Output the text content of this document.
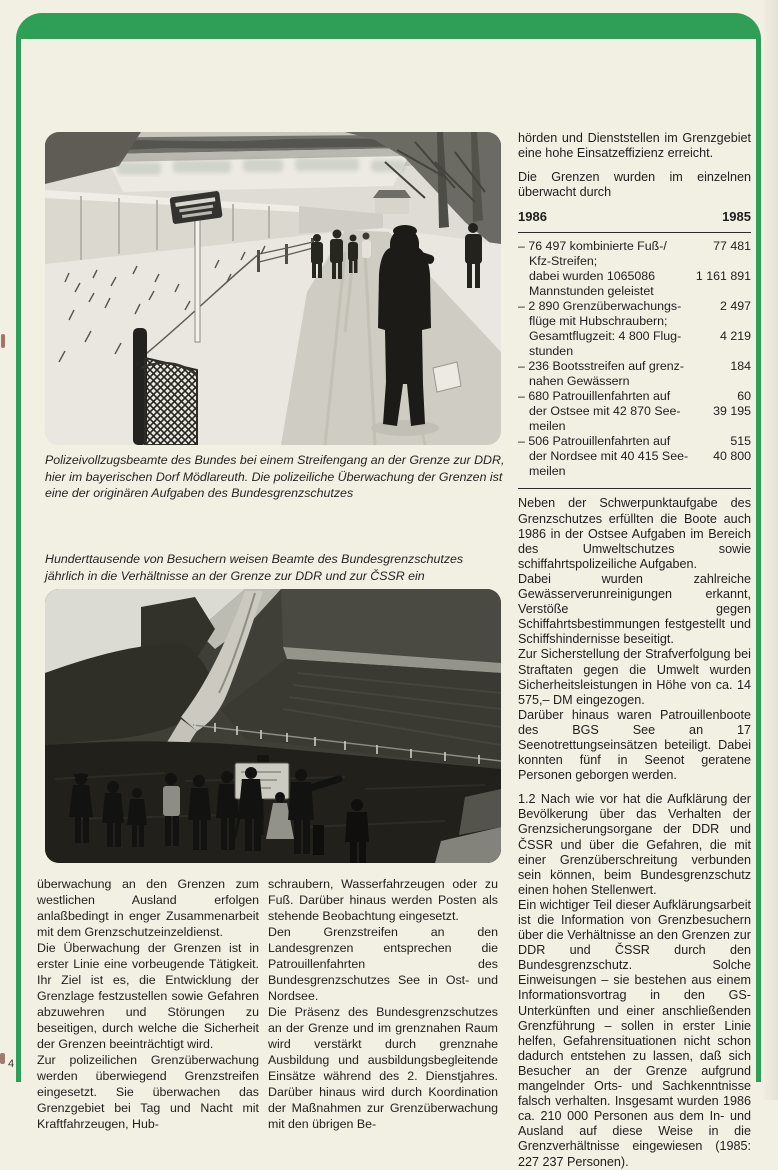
Polizeivollzugsbeamte des Bundes bei einem Streifengang an der Grenze zur DDR, hier im bayerischen Dorf Mödlareuth. Die polizeiliche Überwachung der Grenzen ist eine der originären Aufgaben des Bundesgrenzschutzes
Hunderttausende von Besuchern weisen Beamte des Bundesgrenzschutzes jährlich in die Verhältnisse an der Grenze zur DDR und zur ČSSR ein

hörden und Dienststellen im Grenzgebiet eine hohe Einsatzeffizienz erreicht.

Die Grenzen wurden im einzelnen überwacht durch

1986	1985
– 76 497 kombinierte Fuß-/	77 481
Kfz-Streifen;
dabei wurden 1065086	1 161 891
Mannstunden geleistet
– 2 890 Grenzüberwachungs-	2 497
flüge mit Hubschraubern;
Gesamtflugzeit: 4 800 Flug-	4 219
stunden
– 236 Bootsstreifen auf grenz-	184
nahen Gewässern
– 680 Patrouillenfahrten auf	60
der Ostsee mit 42 870 See-	39 195
meilen
– 506 Patrouillenfahrten auf	515
der Nordsee mit 40 415 See-	40 800
meilen

Neben der Schwerpunktaufgabe des Grenzschutzes erfüllten die Boote auch 1986 in der Ostsee Aufgaben im Bereich des Umweltschutzes sowie schiffahrtspolizeiliche Aufgaben.

Dabei wurden zahlreiche Gewässerverunreinigungen erkannt, Verstöße gegen Schiffahrtsbestimmungen festgestellt und Schiffshindernisse beseitigt.

Zur Sicherstellung der Strafverfolgung bei Straftaten gegen die Umwelt wurden Sicherheitsleistungen in Höhe von ca. 14 575,– DM eingezogen.

Darüber hinaus waren Patrouillenboote des BGS See an 17 Seenotrettungseinsätzen beteiligt. Dabei konnten fünf in Seenot geratene Personen geborgen werden.

1.2 Nach wie vor hat die Aufklärung der Bevölkerung über das Verhalten der Grenzsicherungsorgane der DDR und ČSSR und über die Gefahren, die mit einer Grenzüberschreitung verbunden sein können, beim Bundesgrenzschutz einen hohen Stellenwert.

Ein wichtiger Teil dieser Aufklärungsarbeit ist die Information von Grenzbesuchern über die Verhältnisse an den Grenzen zur DDR und ČSSR durch den Bundesgrenzschutz. Solche Einweisungen – sie bestehen aus einem Informationsvortrag in den GS-Unterkünften und einer anschließenden Grenzführung – sollen in erster Linie helfen, Gefahrensituationen nicht schon dadurch entstehen zu lassen, daß sich Besucher an der Grenze aufgrund mangelnder Orts- und Sachkenntnisse falsch verhalten. Insgesamt wurden 1986 ca. 210 000 Personen aus dem In- und Ausland auf diese Weise in die Grenzverhältnisse eingewiesen (1985: 227 237 Personen).

überwachung an den Grenzen zum westlichen Ausland erfolgen anlaßbedingt in enger Zusammenarbeit mit dem Grenzschutzeinzeldienst.

Die Überwachung der Grenzen ist in erster Linie eine vorbeugende Tätigkeit. Ihr Ziel ist es, die Entwicklung der Grenzlage festzustellen sowie Gefahren abzuwehren und Störungen zu beseitigen, durch welche die Sicherheit der Grenzen beeinträchtigt wird.

Zur polizeilichen Grenzüberwachung werden überwiegend Grenzstreifen eingesetzt. Sie überwachen das Grenzgebiet bei Tag und Nacht mit Kraftfahrzeugen, Hub-

schraubern, Wasserfahrzeugen oder zu Fuß. Darüber hinaus werden Posten als stehende Beobachtung eingesetzt.

Den Grenzstreifen an den Landesgrenzen entsprechen die Patrouillenfahrten des Bundesgrenzschutzes See in Ost- und Nordsee.

Die Präsenz des Bundesgrenzschutzes an der Grenze und im grenznahen Raum wird verstärkt durch grenznahe Ausbildung und ausbildungsbegleitende Einsätze während des 2. Dienstjahres. Darüber hinaus wird durch Koordination der Maßnahmen zur Grenzüberwachung mit den übrigen Be-

4
